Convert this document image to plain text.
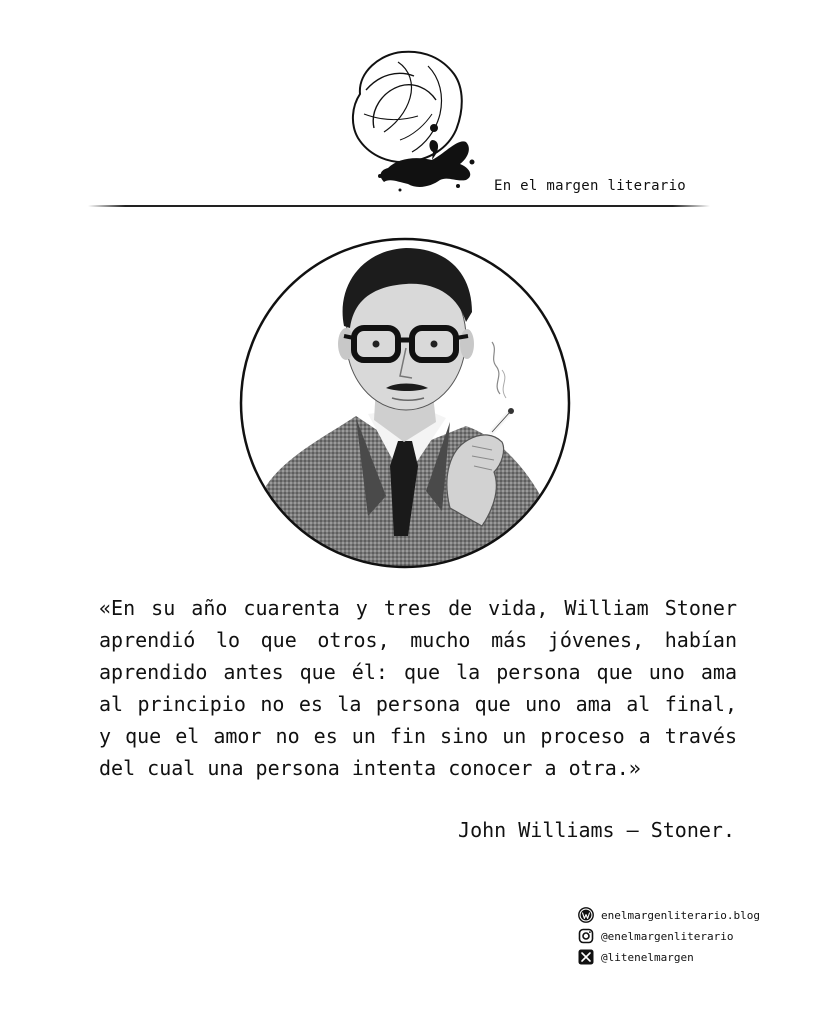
En el margen literario

«En su año cuarenta y tres de vida, William Stoner aprendió lo que otros, mucho más jóvenes, habían aprendido antes que él: que la persona que uno ama al principio no es la persona que uno ama al final, y que el amor no es un fin sino un proceso a través del cual una persona intenta conocer a otra.»

John Williams – Stoner.
enelmargenliterario.blog
@enelmargenliterario
@litenelmargen
